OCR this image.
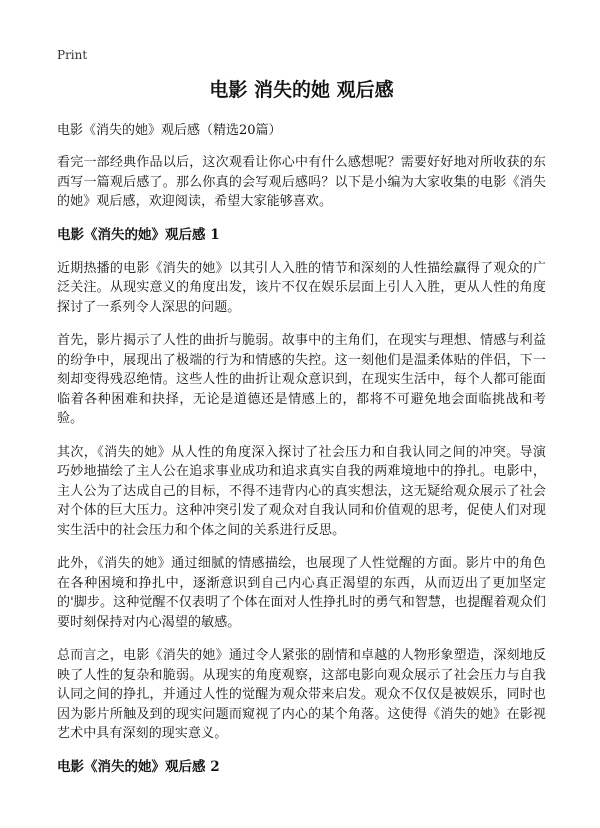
Print
电影 消失的她 观后感

电影《消失的她》观后感（精选20篇）

看完一部经典作品以后，这次观看让你心中有什么感想呢？需要好好地对所收获的东西写一篇观后感了。那么你真的会写观后感吗？以下是小编为大家收集的电影《消失的她》观后感，欢迎阅读，希望大家能够喜欢。

电影《消失的她》观后感 1

近期热播的电影《消失的她》以其引人入胜的情节和深刻的人性描绘赢得了观众的广泛关注。从现实意义的角度出发，该片不仅在娱乐层面上引人入胜，更从人性的角度探讨了一系列令人深思的问题。

首先，影片揭示了人性的曲折与脆弱。故事中的主角们，在现实与理想、情感与利益的纷争中，展现出了极端的行为和情感的失控。这一刻他们是温柔体贴的伴侣，下一刻却变得残忍绝情。这些人性的曲折让观众意识到，在现实生活中，每个人都可能面临着各种困难和抉择，无论是道德还是情感上的，都将不可避免地会面临挑战和考验。

其次，《消失的她》从人性的角度深入探讨了社会压力和自我认同之间的冲突。导演巧妙地描绘了主人公在追求事业成功和追求真实自我的两难境地中的挣扎。电影中，主人公为了达成自己的目标，不得不违背内心的真实想法，这无疑给观众展示了社会对个体的巨大压力。这种冲突引发了观众对自我认同和价值观的思考，促使人们对现实生活中的社会压力和个体之间的关系进行反思。

此外，《消失的她》通过细腻的情感描绘，也展现了人性觉醒的方面。影片中的角色在各种困境和挣扎中，逐渐意识到自己内心真正渴望的东西，从而迈出了更加坚定的'脚步。这种觉醒不仅表明了个体在面对人性挣扎时的勇气和智慧，也提醒着观众们要时刻保持对内心渴望的敏感。

总而言之，电影《消失的她》通过令人紧张的剧情和卓越的人物形象塑造，深刻地反映了人性的复杂和脆弱。从现实的角度观察，这部电影向观众展示了社会压力与自我认同之间的挣扎，并通过人性的觉醒为观众带来启发。观众不仅仅是被娱乐，同时也因为影片所触及到的现实问题而窥视了内心的某个角落。这使得《消失的她》在影视艺术中具有深刻的现实意义。

电影《消失的她》观后感 2
